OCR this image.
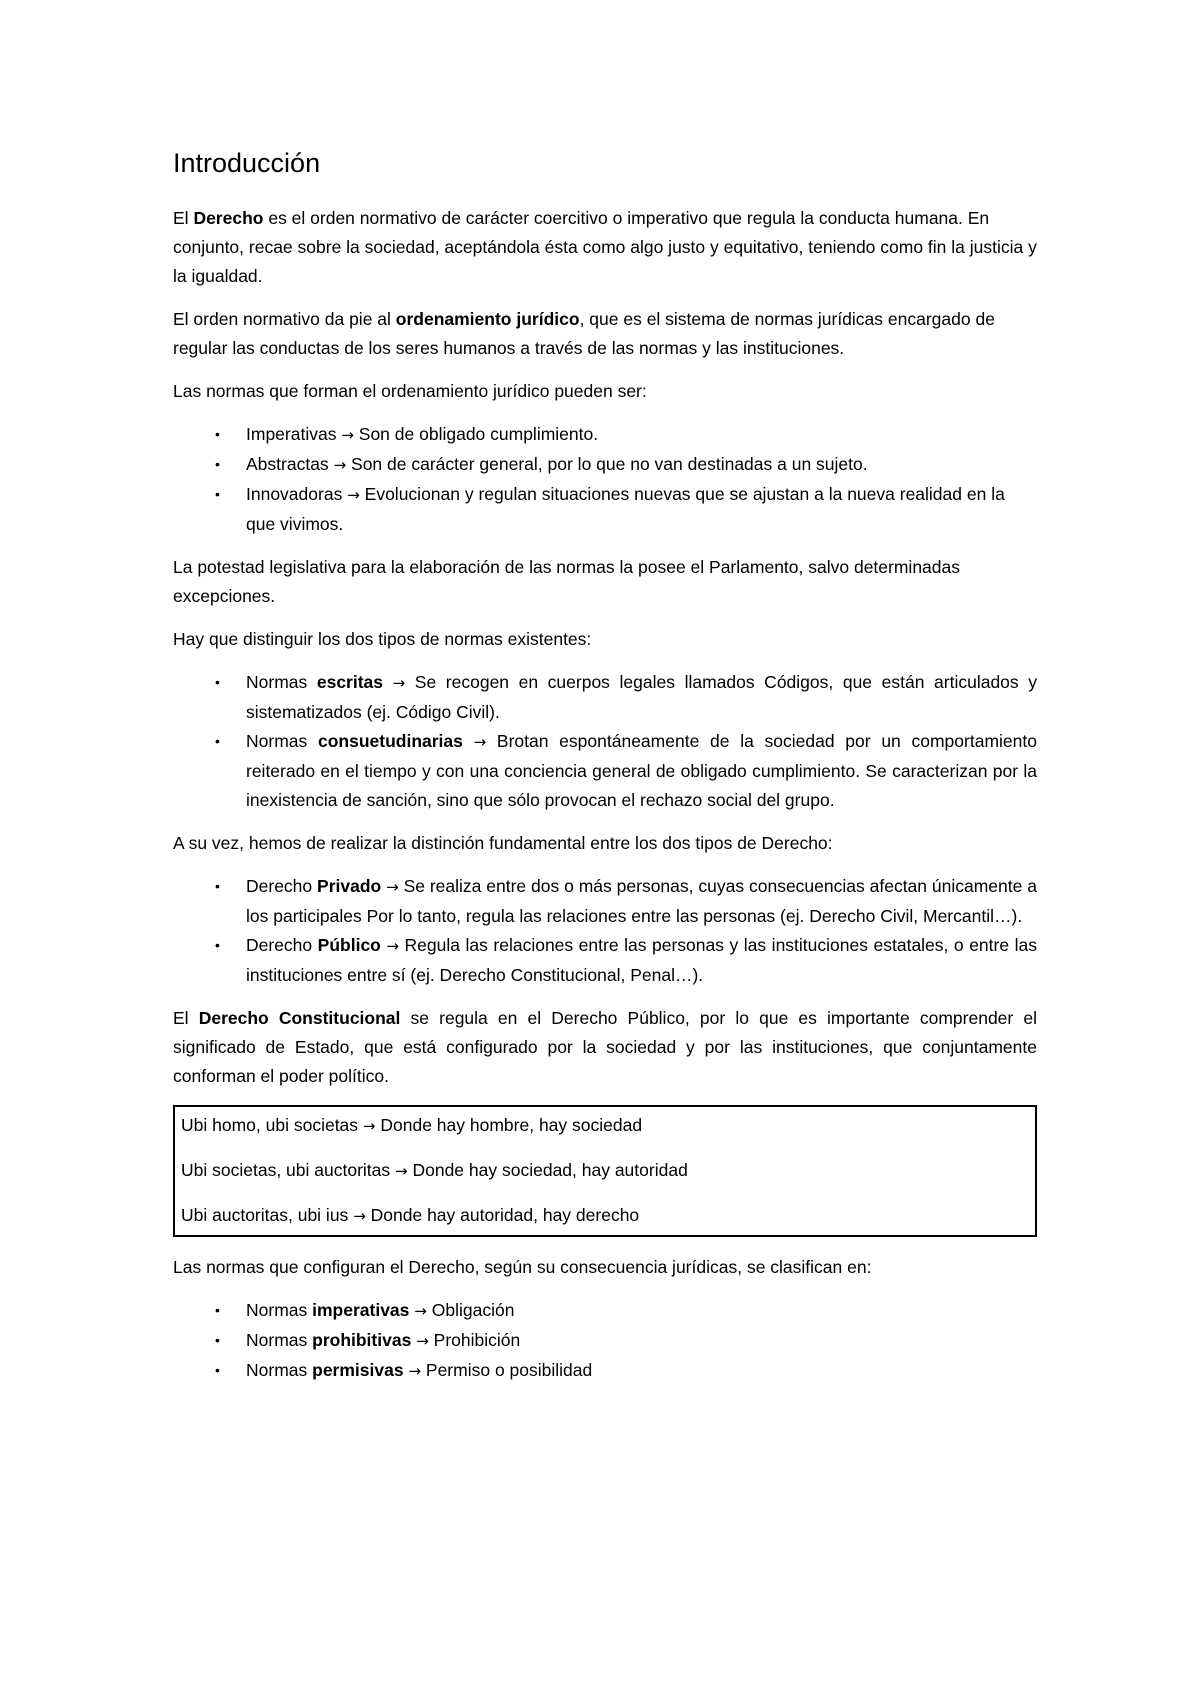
Introducción

El Derecho es el orden normativo de carácter coercitivo o imperativo que regula la conducta humana. En conjunto, recae sobre la sociedad, aceptándola ésta como algo justo y equitativo, teniendo como fin la justicia y la igualdad.

El orden normativo da pie al ordenamiento jurídico, que es el sistema de normas jurídicas encargado de regular las conductas de los seres humanos a través de las normas y las instituciones.

Las normas que forman el ordenamiento jurídico pueden ser:

• Imperativas → Son de obligado cumplimiento.
• Abstractas → Son de carácter general, por lo que no van destinadas a un sujeto.
• Innovadoras → Evolucionan y regulan situaciones nuevas que se ajustan a la nueva realidad en la que vivimos.

La potestad legislativa para la elaboración de las normas la posee el Parlamento, salvo determinadas excepciones.

Hay que distinguir los dos tipos de normas existentes:

• Normas escritas → Se recogen en cuerpos legales llamados Códigos, que están articulados y sistematizados (ej. Código Civil).
• Normas consuetudinarias → Brotan espontáneamente de la sociedad por un comportamiento reiterado en el tiempo y con una conciencia general de obligado cumplimiento. Se caracterizan por la inexistencia de sanción, sino que sólo provocan el rechazo social del grupo.

A su vez, hemos de realizar la distinción fundamental entre los dos tipos de Derecho:

• Derecho Privado → Se realiza entre dos o más personas, cuyas consecuencias afectan únicamente a los participales Por lo tanto, regula las relaciones entre las personas (ej. Derecho Civil, Mercantil…).
• Derecho Público → Regula las relaciones entre las personas y las instituciones estatales, o entre las instituciones entre sí (ej. Derecho Constitucional, Penal…).

El Derecho Constitucional se regula en el Derecho Público, por lo que es importante comprender el significado de Estado, que está configurado por la sociedad y por las instituciones, que conjuntamente conforman el poder político.

Ubi homo, ubi societas → Donde hay hombre, hay sociedad
Ubi societas, ubi auctoritas → Donde hay sociedad, hay autoridad
Ubi auctoritas, ubi ius → Donde hay autoridad, hay derecho

Las normas que configuran el Derecho, según su consecuencia jurídicas, se clasifican en:

• Normas imperativas → Obligación
• Normas prohibitivas → Prohibición
• Normas permisivas → Permiso o posibilidad
